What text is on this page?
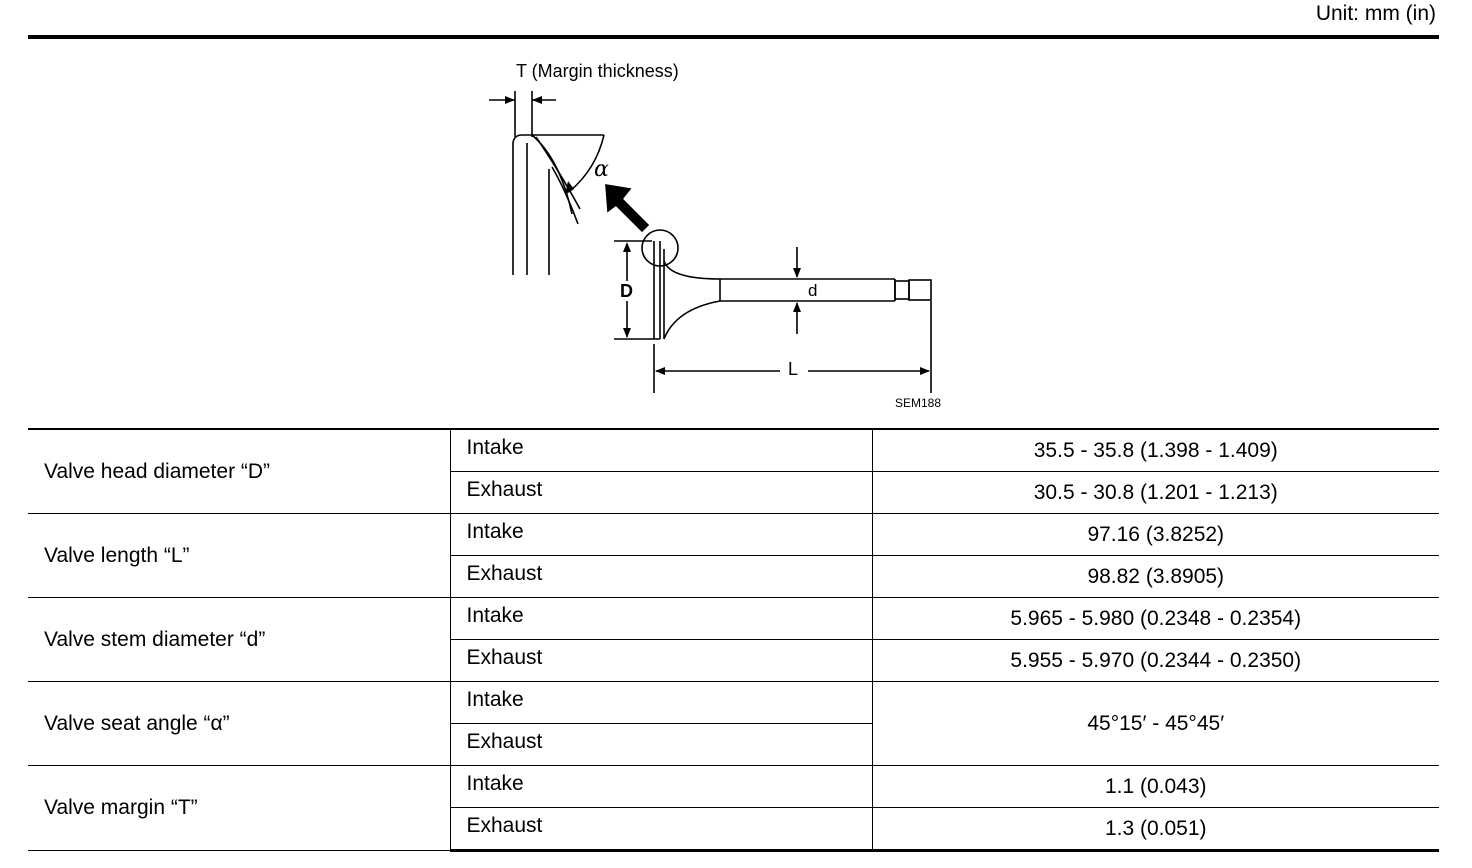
Unit: mm (in)
T (Margin thickness)
α
D	d
L
SEM188
Valve head diameter “D”	Intake	35.5 - 35.8 (1.398 - 1.409)
	Exhaust	30.5 - 30.8 (1.201 - 1.213)
Valve length “L”	Intake	97.16 (3.8252)
	Exhaust	98.82 (3.8905)
Valve stem diameter “d”	Intake	5.965 - 5.980 (0.2348 - 0.2354)
	Exhaust	5.955 - 5.970 (0.2344 - 0.2350)
Valve seat angle “α”	Intake	45°15′ - 45°45′
	Exhaust	
Valve margin “T”	Intake	1.1 (0.043)
	Exhaust	1.3 (0.051)
